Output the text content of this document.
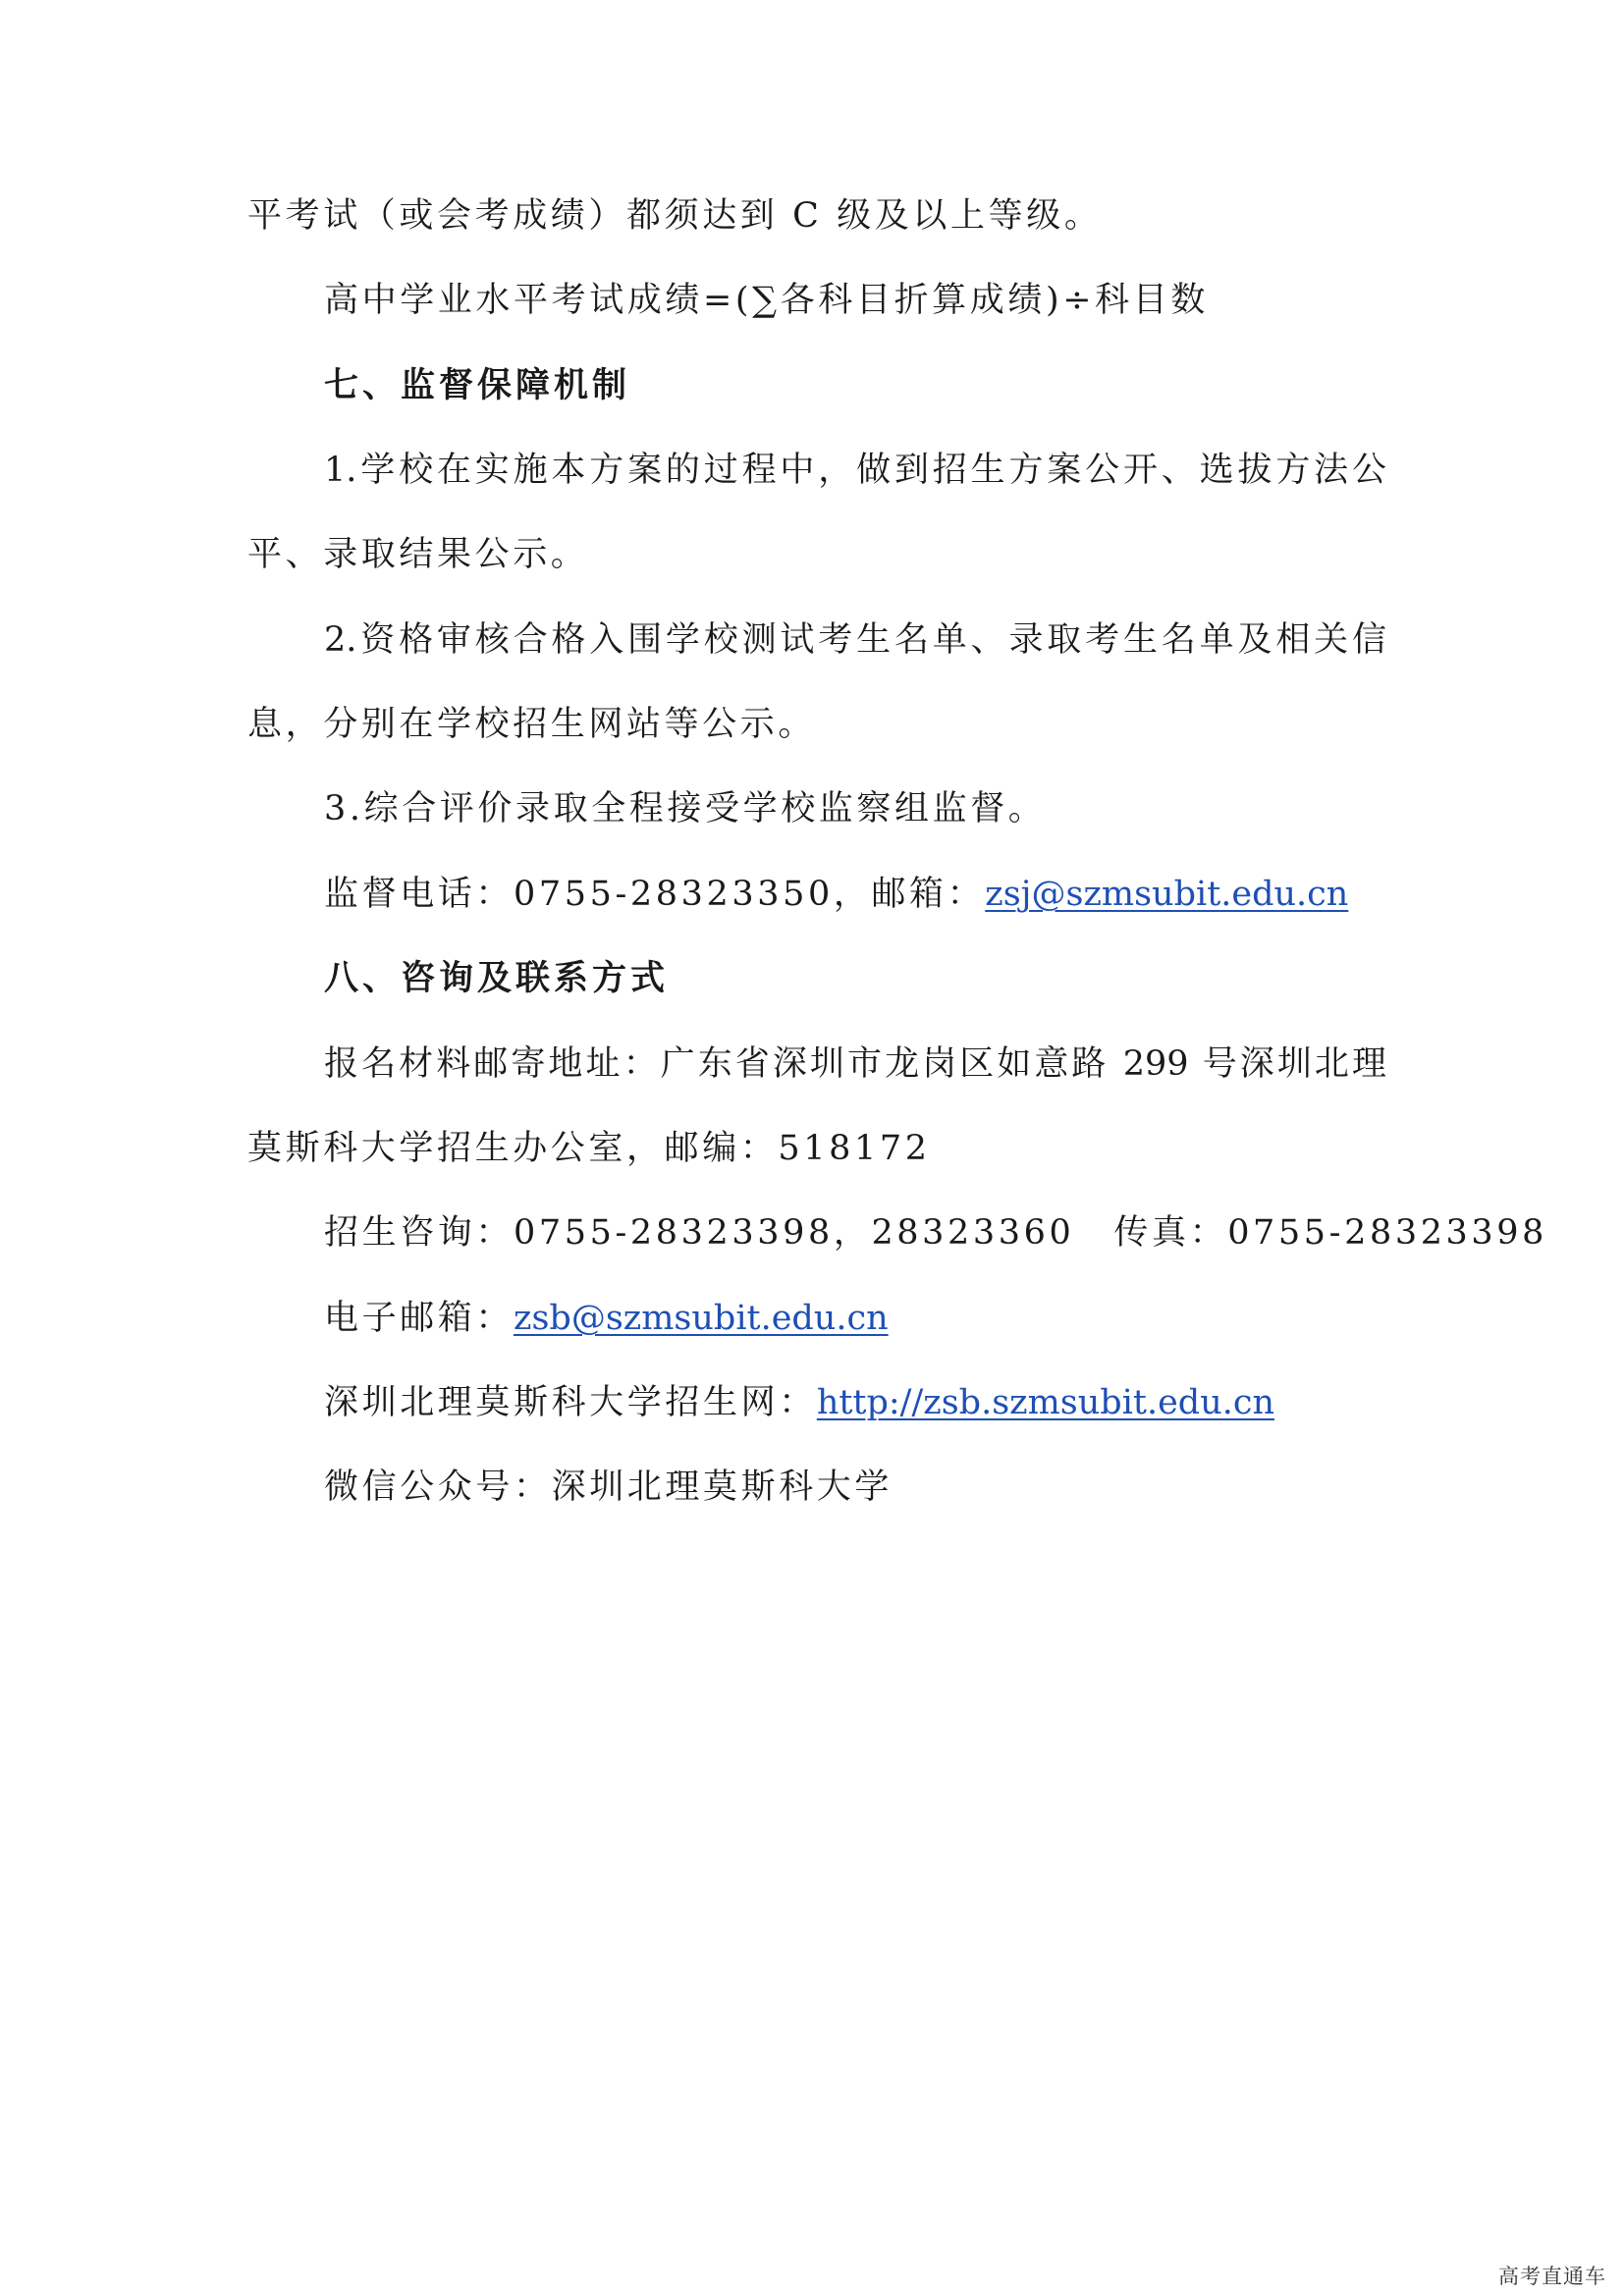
平考试（或会考成绩）都须达到 C 级及以上等级。
高中学业水平考试成绩=(∑各科目折算成绩)÷科目数
七、监督保障机制
1.学校在实施本方案的过程中，做到招生方案公开、选拔方法公
平、录取结果公示。
2.资格审核合格入围学校测试考生名单、录取考生名单及相关信
息，分别在学校招生网站等公示。
3.综合评价录取全程接受学校监察组监督。
监督电话：0755-28323350，邮箱：zsj@szmsubit.edu.cn
八、咨询及联系方式
报名材料邮寄地址：广东省深圳市龙岗区如意路 299 号深圳北理
莫斯科大学招生办公室，邮编：518172
招生咨询：0755-28323398，28323360 传真：0755-28323398
电子邮箱：zsb@szmsubit.edu.cn
深圳北理莫斯科大学招生网：http://zsb.szmsubit.edu.cn
微信公众号：深圳北理莫斯科大学
高考直通车
